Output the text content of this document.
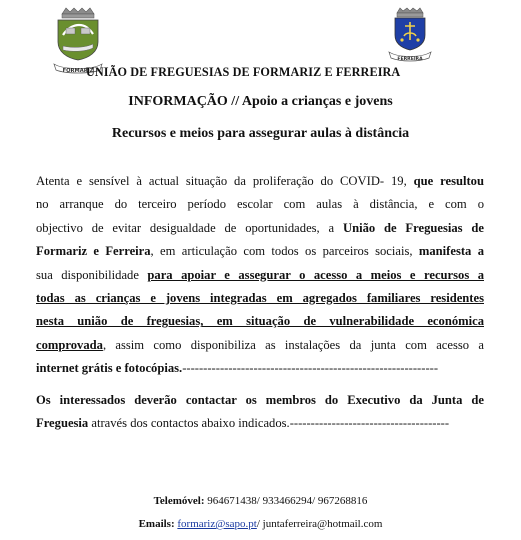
FORMARIZ
FERREIRA
UNIÃO DE FREGUESIAS DE FORMARIZ E FERREIRA
INFORMAÇÃO // Apoio a crianças e jovens
Recursos e meios para assegurar aulas à distância

Atenta e sensível à actual situação da proliferação do COVID- 19, que resultou
no arranque do terceiro período escolar com aulas à distância, e com o
objectivo de evitar desigualdade de oportunidades, a União de Freguesias de
Formariz e Ferreira, em articulação com todos os parceiros sociais, manifesta a
sua disponibilidade para apoiar e assegurar o acesso a meios e recursos a
todas as crianças e jovens integradas em agregados familiares residentes
nesta união de freguesias, em situação de vulnerabilidade económica
comprovada, assim como disponibiliza as instalações da junta com acesso a
internet grátis e fotocópias.-------------------------------------------------------------

Os interessados deverão contactar os membros do Executivo da Junta de
Freguesia através dos contactos abaixo indicados.--------------------------------------

Telemóvel: 964671438/ 933466294/ 967268816
Emails: formariz@sapo.pt/ juntaferreira@hotmail.com
